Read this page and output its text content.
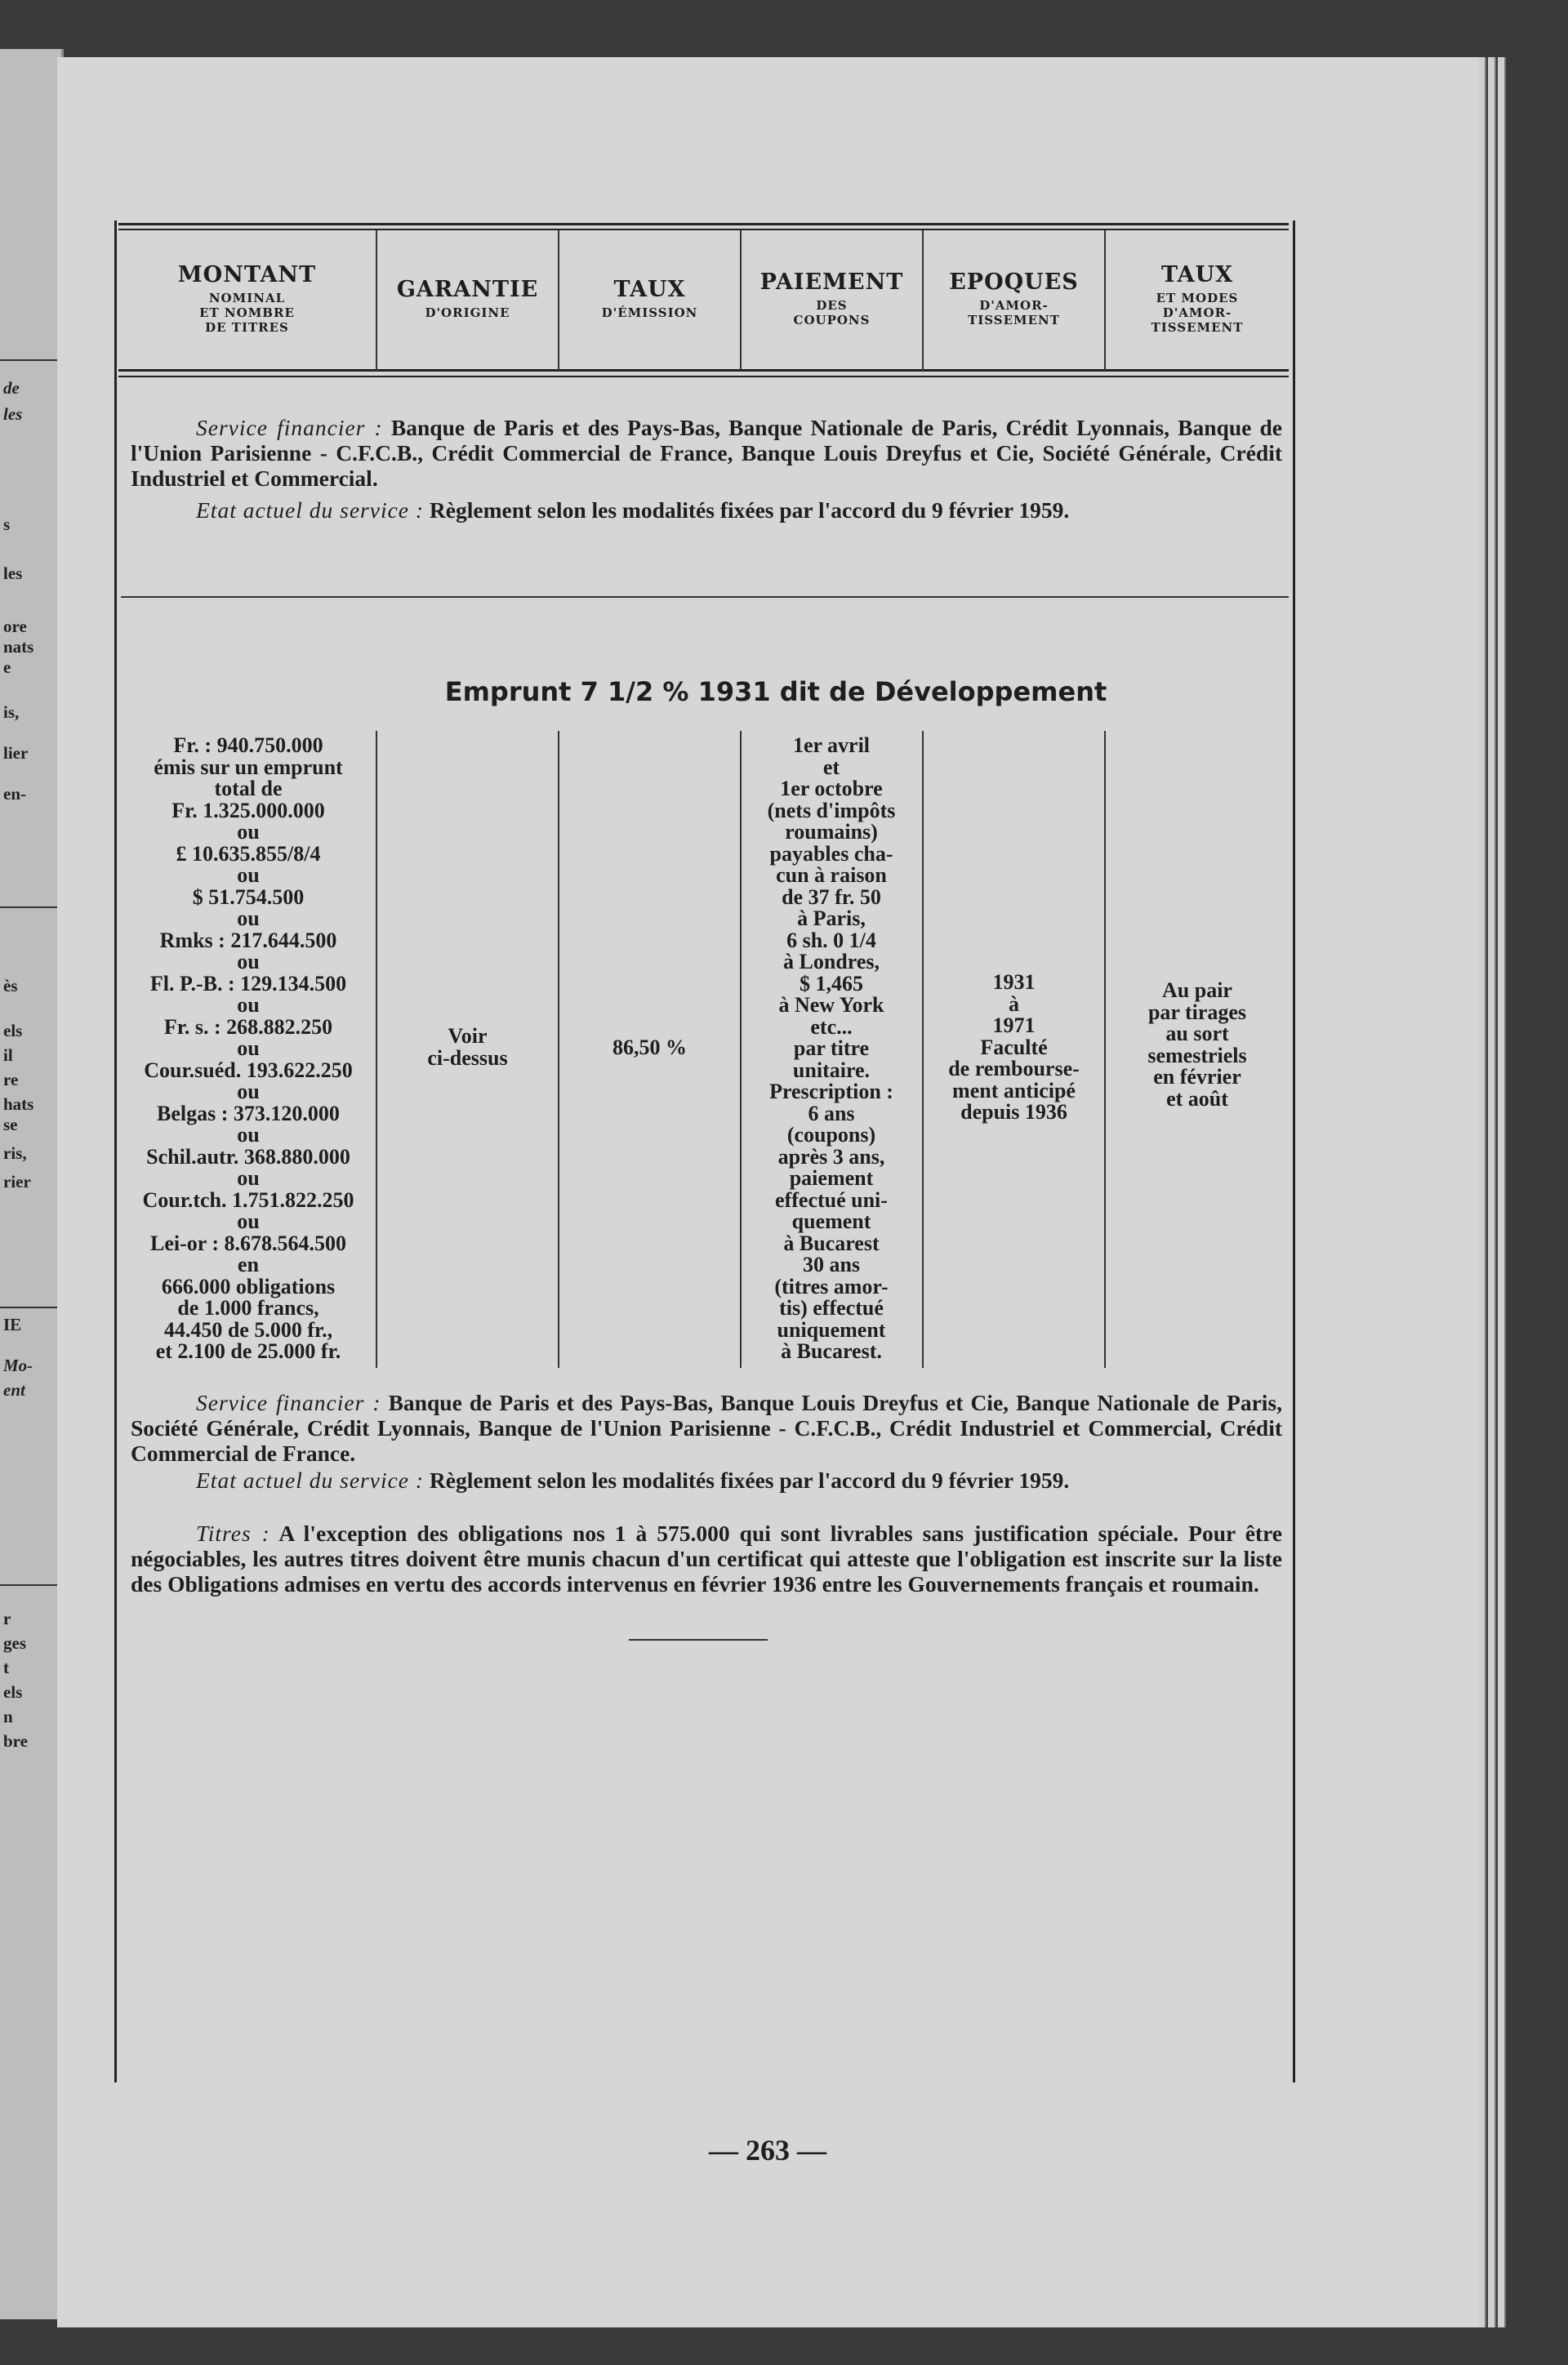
de
les
s
les
ore
nats
e
is,
lier
en-
ès
els
il
re
hats
se
ris,
rier
IE
Mo-
ent
r
ges
t
els
n
bre
MONTANT
NOMINAL
ET NOMBRE
DE TITRES
GARANTIE
D'ORIGINE
TAUX
D'ÉMISSION
PAIEMENT
DES
COUPONS
EPOQUES
D'AMOR-
TISSEMENT
TAUX
ET MODES
D'AMOR-
TISSEMENT
Service financier : Banque de Paris et des Pays-Bas, Banque Nationale de Paris, Crédit Lyonnais, Banque de l'Union Parisienne - C.F.C.B., Crédit Commercial de France, Banque Louis Dreyfus et Cie, Société Générale, Crédit Industriel et Commercial.
Etat actuel du service : Règlement selon les modalités fixées par l'accord du 9 février 1959.
Emprunt 7 1/2 % 1931 dit de Développement
Fr. : 940.750.000
émis sur un emprunt
total de
Fr. 1.325.000.000
ou
£ 10.635.855/8/4
ou
$ 51.754.500
ou
Rmks : 217.644.500
ou
Fl. P.-B. : 129.134.500
ou
Fr. s. : 268.882.250
ou
Cour.suéd. 193.622.250
ou
Belgas : 373.120.000
ou
Schil.autr. 368.880.000
ou
Cour.tch. 1.751.822.250
ou
Lei-or : 8.678.564.500
en
666.000 obligations
de 1.000 francs,
44.450 de 5.000 fr.,
et 2.100 de 25.000 fr.
Voir
ci-dessus	86,50 %
1er avril
et
1er octobre
(nets d'impôts
roumains)
payables cha-
cun à raison
de 37 fr. 50
à Paris,
6 sh. 0 1/4
à Londres,
$ 1,465
à New York
etc...
par titre
unitaire.
Prescription :
6 ans
(coupons)
après 3 ans,
paiement
effectué uni-
quement
à Bucarest
30 ans
(titres amor-
tis) effectué
uniquement
à Bucarest.
1931
à
1971
Faculté
de rembourse-
ment anticipé
depuis 1936
Au pair
par tirages
au sort
semestriels
en février
et août
Service financier : Banque de Paris et des Pays-Bas, Banque Louis Dreyfus et Cie, Banque Nationale de Paris, Société Générale, Crédit Lyonnais, Banque de l'Union Parisienne - C.F.C.B., Crédit Industriel et Commercial, Crédit Commercial de France.
Etat actuel du service : Règlement selon les modalités fixées par l'accord du 9 février 1959.
Titres : A l'exception des obligations nos 1 à 575.000 qui sont livrables sans justification spéciale. Pour être négociables, les autres titres doivent être munis chacun d'un certificat qui atteste que l'obligation est inscrite sur la liste des Obligations admises en vertu des accords intervenus en février 1936 entre les Gouvernements français et roumain.
— 263 —
